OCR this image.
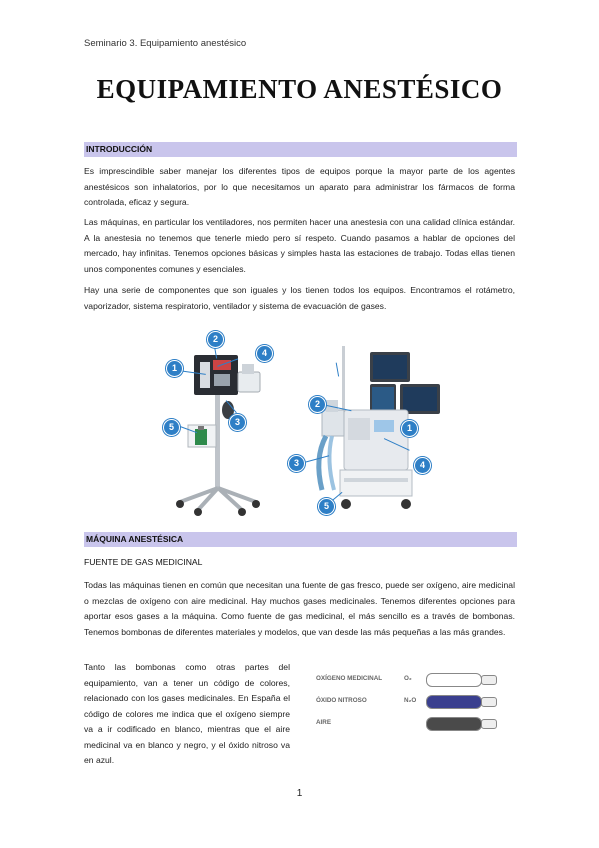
Seminario 3. Equipamiento anestésico
EQUIPAMIENTO ANESTÉSICO
INTRODUCCIÓN

Es imprescindible saber manejar los diferentes tipos de equipos porque la mayor parte de los agentes anestésicos son inhalatorios, por lo que necesitamos un aparato para administrar los fármacos de forma controlada, eficaz y segura.

Las máquinas, en particular los ventiladores, nos permiten hacer una anestesia con una calidad clínica estándar. A la anestesia no tenemos que tenerle miedo pero sí respeto. Cuando pasamos a hablar de opciones del mercado, hay infinitas. Tenemos opciones básicas y simples hasta las estaciones de trabajo. Todas ellas tienen unos componentes comunes y esenciales.

Hay una serie de componentes que son iguales y los tienen todos los equipos. Encontramos el rotámetro, vaporizador, sistema respiratorio, ventilador y sistema de evacuación de gases.

1
2
3
4
5	1
2
3	4
5
MÁQUINA ANESTÉSICA
FUENTE DE GAS MEDICINAL

Todas las máquinas tienen en común que necesitan una fuente de gas fresco, puede ser oxígeno, aire medicinal o mezclas de oxígeno con aire medicinal. Hay muchos gases medicinales. Tenemos diferentes opciones para aportar esos gases a la máquina. Como fuente de gas medicinal, el más sencillo es a través de bombonas. Tenemos bombonas de diferentes materiales y modelos, que van desde las más pequeñas a las más grandes.

Tanto las bombonas como otras partes del equipamiento, van a tener un código de colores, relacionado con los gases medicinales. En España el código de colores me indica que el oxígeno siempre va a ir codificado en blanco, mientras que el aire medicinal va en blanco y negro, y el óxido nitroso va en azul.

OXÍGENO MEDICINAL	O₂
ÓXIDO NITROSO	N₂O
AIRE
1
